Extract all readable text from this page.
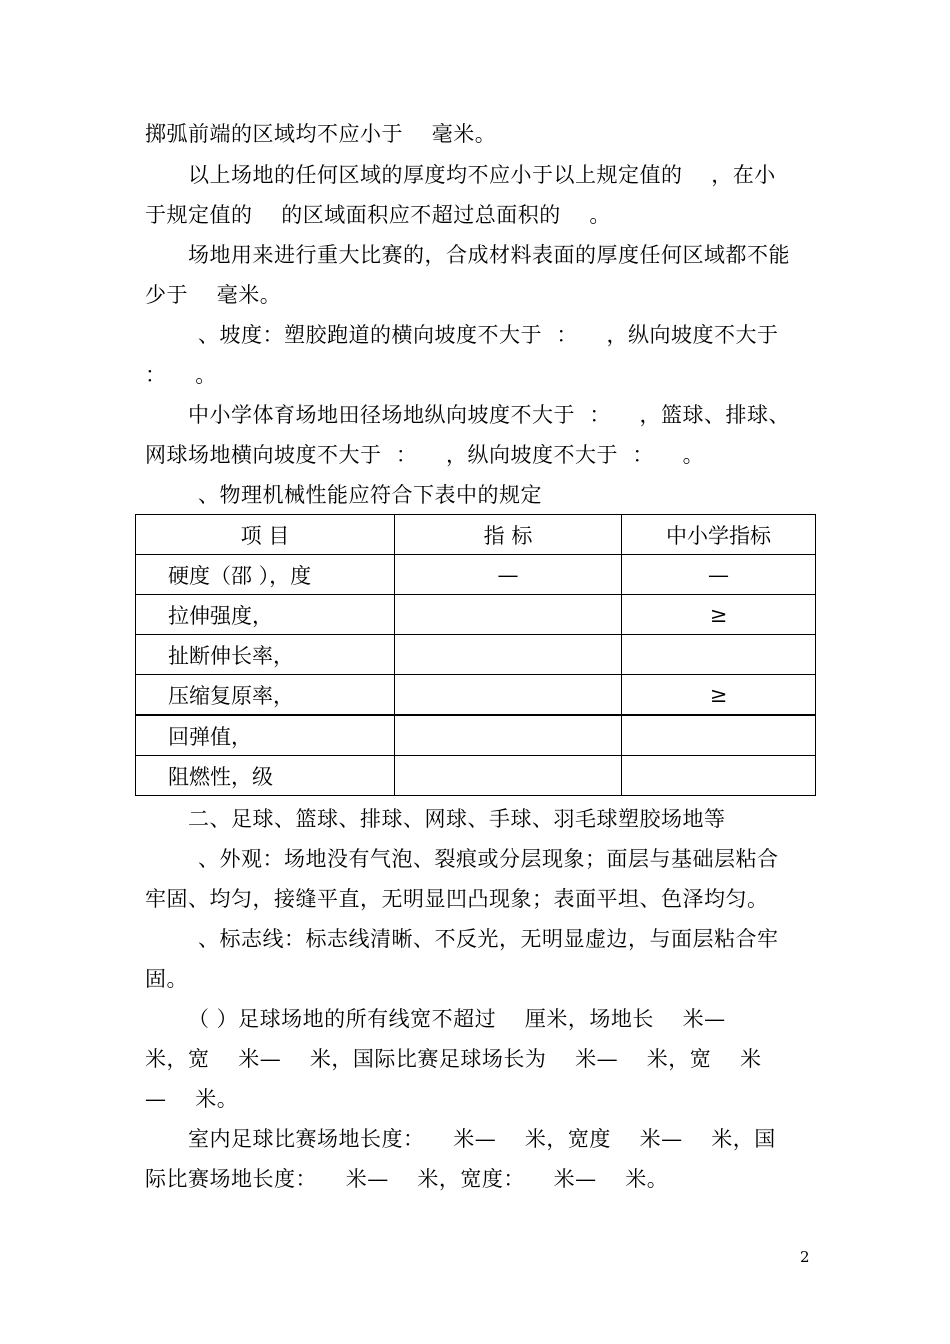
掷弧前端的区域均不应小于    毫米。
以上场地的任何区域的厚度均不应小于以上规定值的    ，在小
于规定值的    的区域面积应不超过总面积的    。
场地用来进行重大比赛的，合成材料表面的厚度任何区域都不能
少于    毫米。
、坡度：塑胶跑道的横向坡度不大于  ：    ，纵向坡度不大于
：    。
中小学体育场地田径场地纵向坡度不大于  ：    ，篮球、排球、
网球场地横向坡度不大于  ：    ，纵向坡度不大于  ：    。
、物理机械性能应符合下表中的规定
项 目	指 标	中小学指标
硬度（邵 ），度	—	—
拉伸强度，		≥
扯断伸长率，		
压缩复原率，		≥
回弹值，		
阻燃性，级		
二、足球、篮球、排球、网球、手球、羽毛球塑胶场地等
、外观：场地没有气泡、裂痕或分层现象；面层与基础层粘合
牢固、均匀，接缝平直，无明显凹凸现象；表面平坦、色泽均匀。
、标志线：标志线清晰、不反光，无明显虚边，与面层粘合牢
固。
（ ）足球场地的所有线宽不超过    厘米，场地长    米—
米，宽    米—    米，国际比赛足球场长为    米—    米，宽    米
—    米。
室内足球比赛场地长度：    米—    米，宽度    米—    米，国
际比赛场地长度：    米—    米，宽度：    米—    米。
2
